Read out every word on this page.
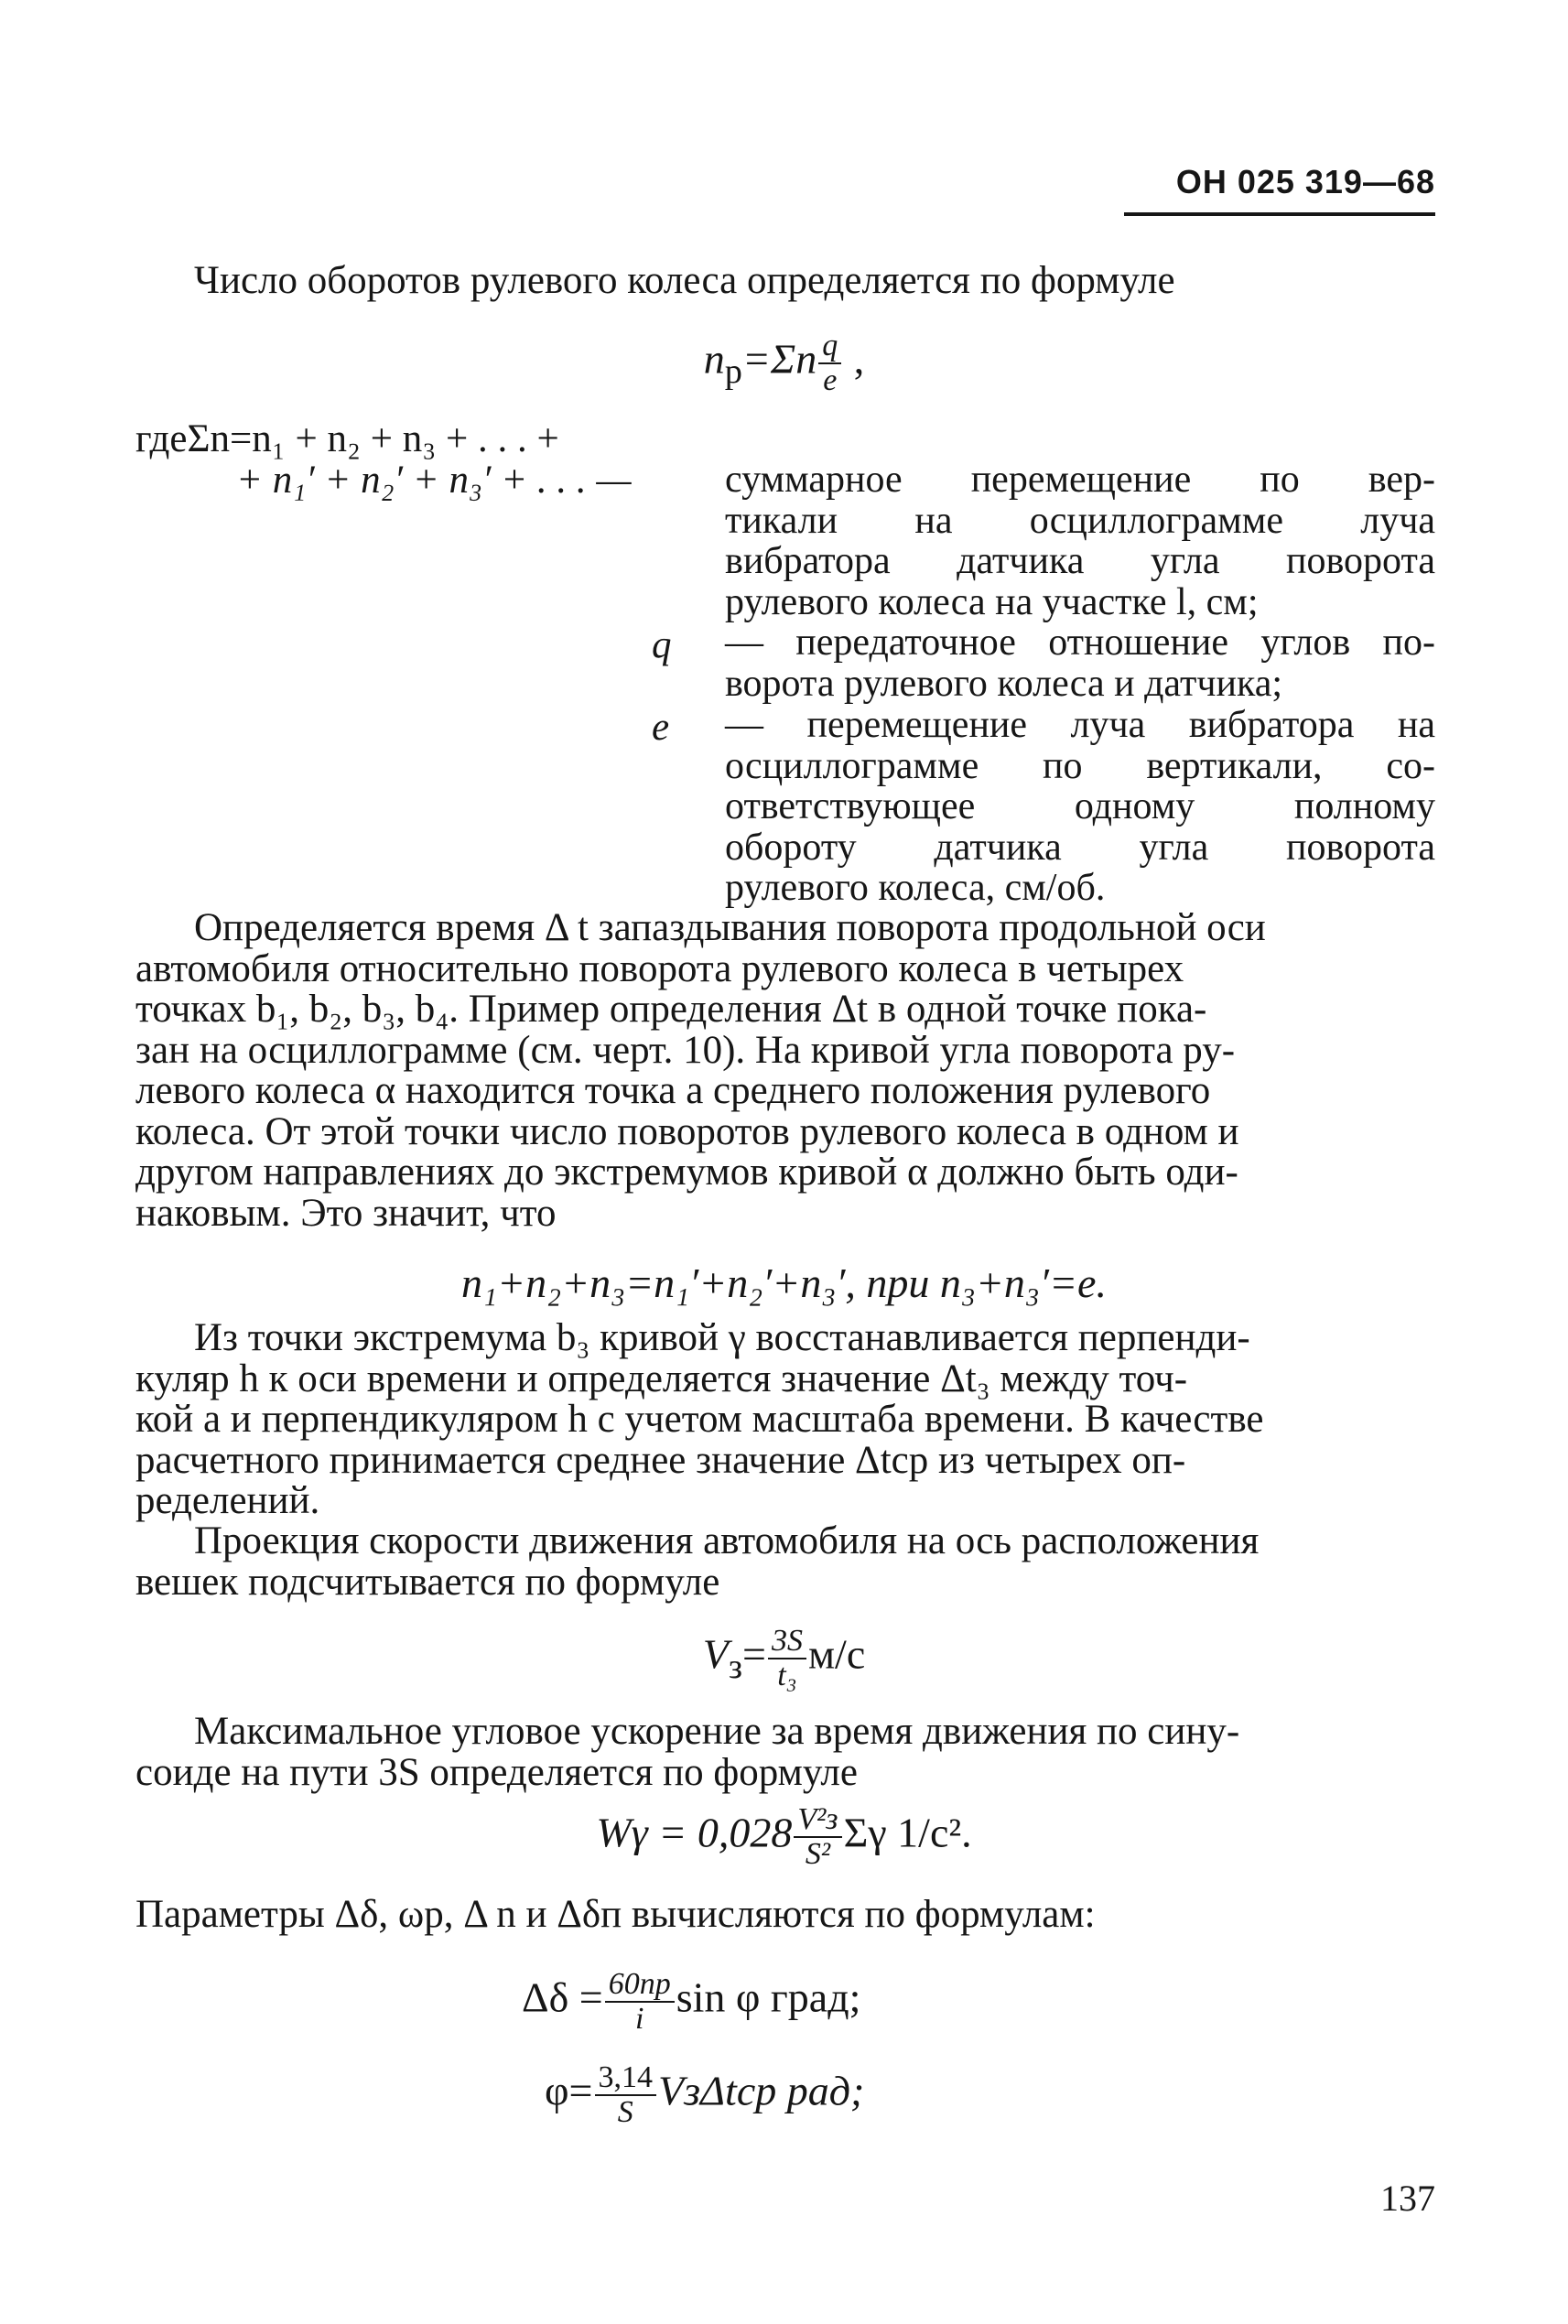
ОН 025 319—68
Число оборотов рулевого колеса определяется по формуле
$n_р=\Sigma n \frac{q}{e}$ ,
гдеΣn=n₁ + n₂ + n₃ + . . . +
+ n₁′ + n₂′ + n₃′ + . . . — суммарное перемещение по вер-
тикали на осциллограмме луча
вибратора датчика угла поворота
рулевого колеса на участке l, см;
q — передаточное отношение углов по-
ворота рулевого колеса и датчика;
e — перемещение луча вибратора на
осциллограмме по вертикали, со-
ответствующее одному полному
обороту датчика угла поворота
рулевого колеса, см/об.
Определяется время Δ t запаздывания поворота продольной оси
автомобиля относительно поворота рулевого колеса в четырех
точках b₁, b₂, b₃, b₄. Пример определения Δt в одной точке пока-
зан на осциллограмме (см. черт. 10). На кривой угла поворота ру-
левого колеса α находится точка a среднего положения рулевого
колеса. От этой точки число поворотов рулевого колеса в одном и
другом направлениях до экстремумов кривой α должно быть оди-
наковым. Это значит, что
n₁+n₂+n₃=n₁′+n₂′+n₃′, при n₃+n₃′=e.
Из точки экстремума b₃ кривой γ восстанавливается перпенди-
куляр h к оси времени и определяется значение Δt₃ между точ-
кой a и перпендикуляром h с учетом масштаба времени. В качестве
расчетного принимается среднее значение Δtср из четырех оп-
ределений.
Проекция скорости движения автомобиля на ось расположения
вешек подсчитывается по формуле
$V_з= \frac{3S}{\text{t₃}} м/с$
Максимальное угловое ускорение за время движения по сину-
соиде на пути 3S определяется по формуле
$W\gamma = 0,028 \frac{\text{V²з}}{\text{S²}}$ Σγ 1/с².
Параметры Δδ, ωр, Δ n и Δδп вычисляются по формулам:
$\Delta\delta = \frac{60nр}{i}$ sin φ град;
$\varphi= \frac{3,14}{S}$ VзΔtср рад;
137
